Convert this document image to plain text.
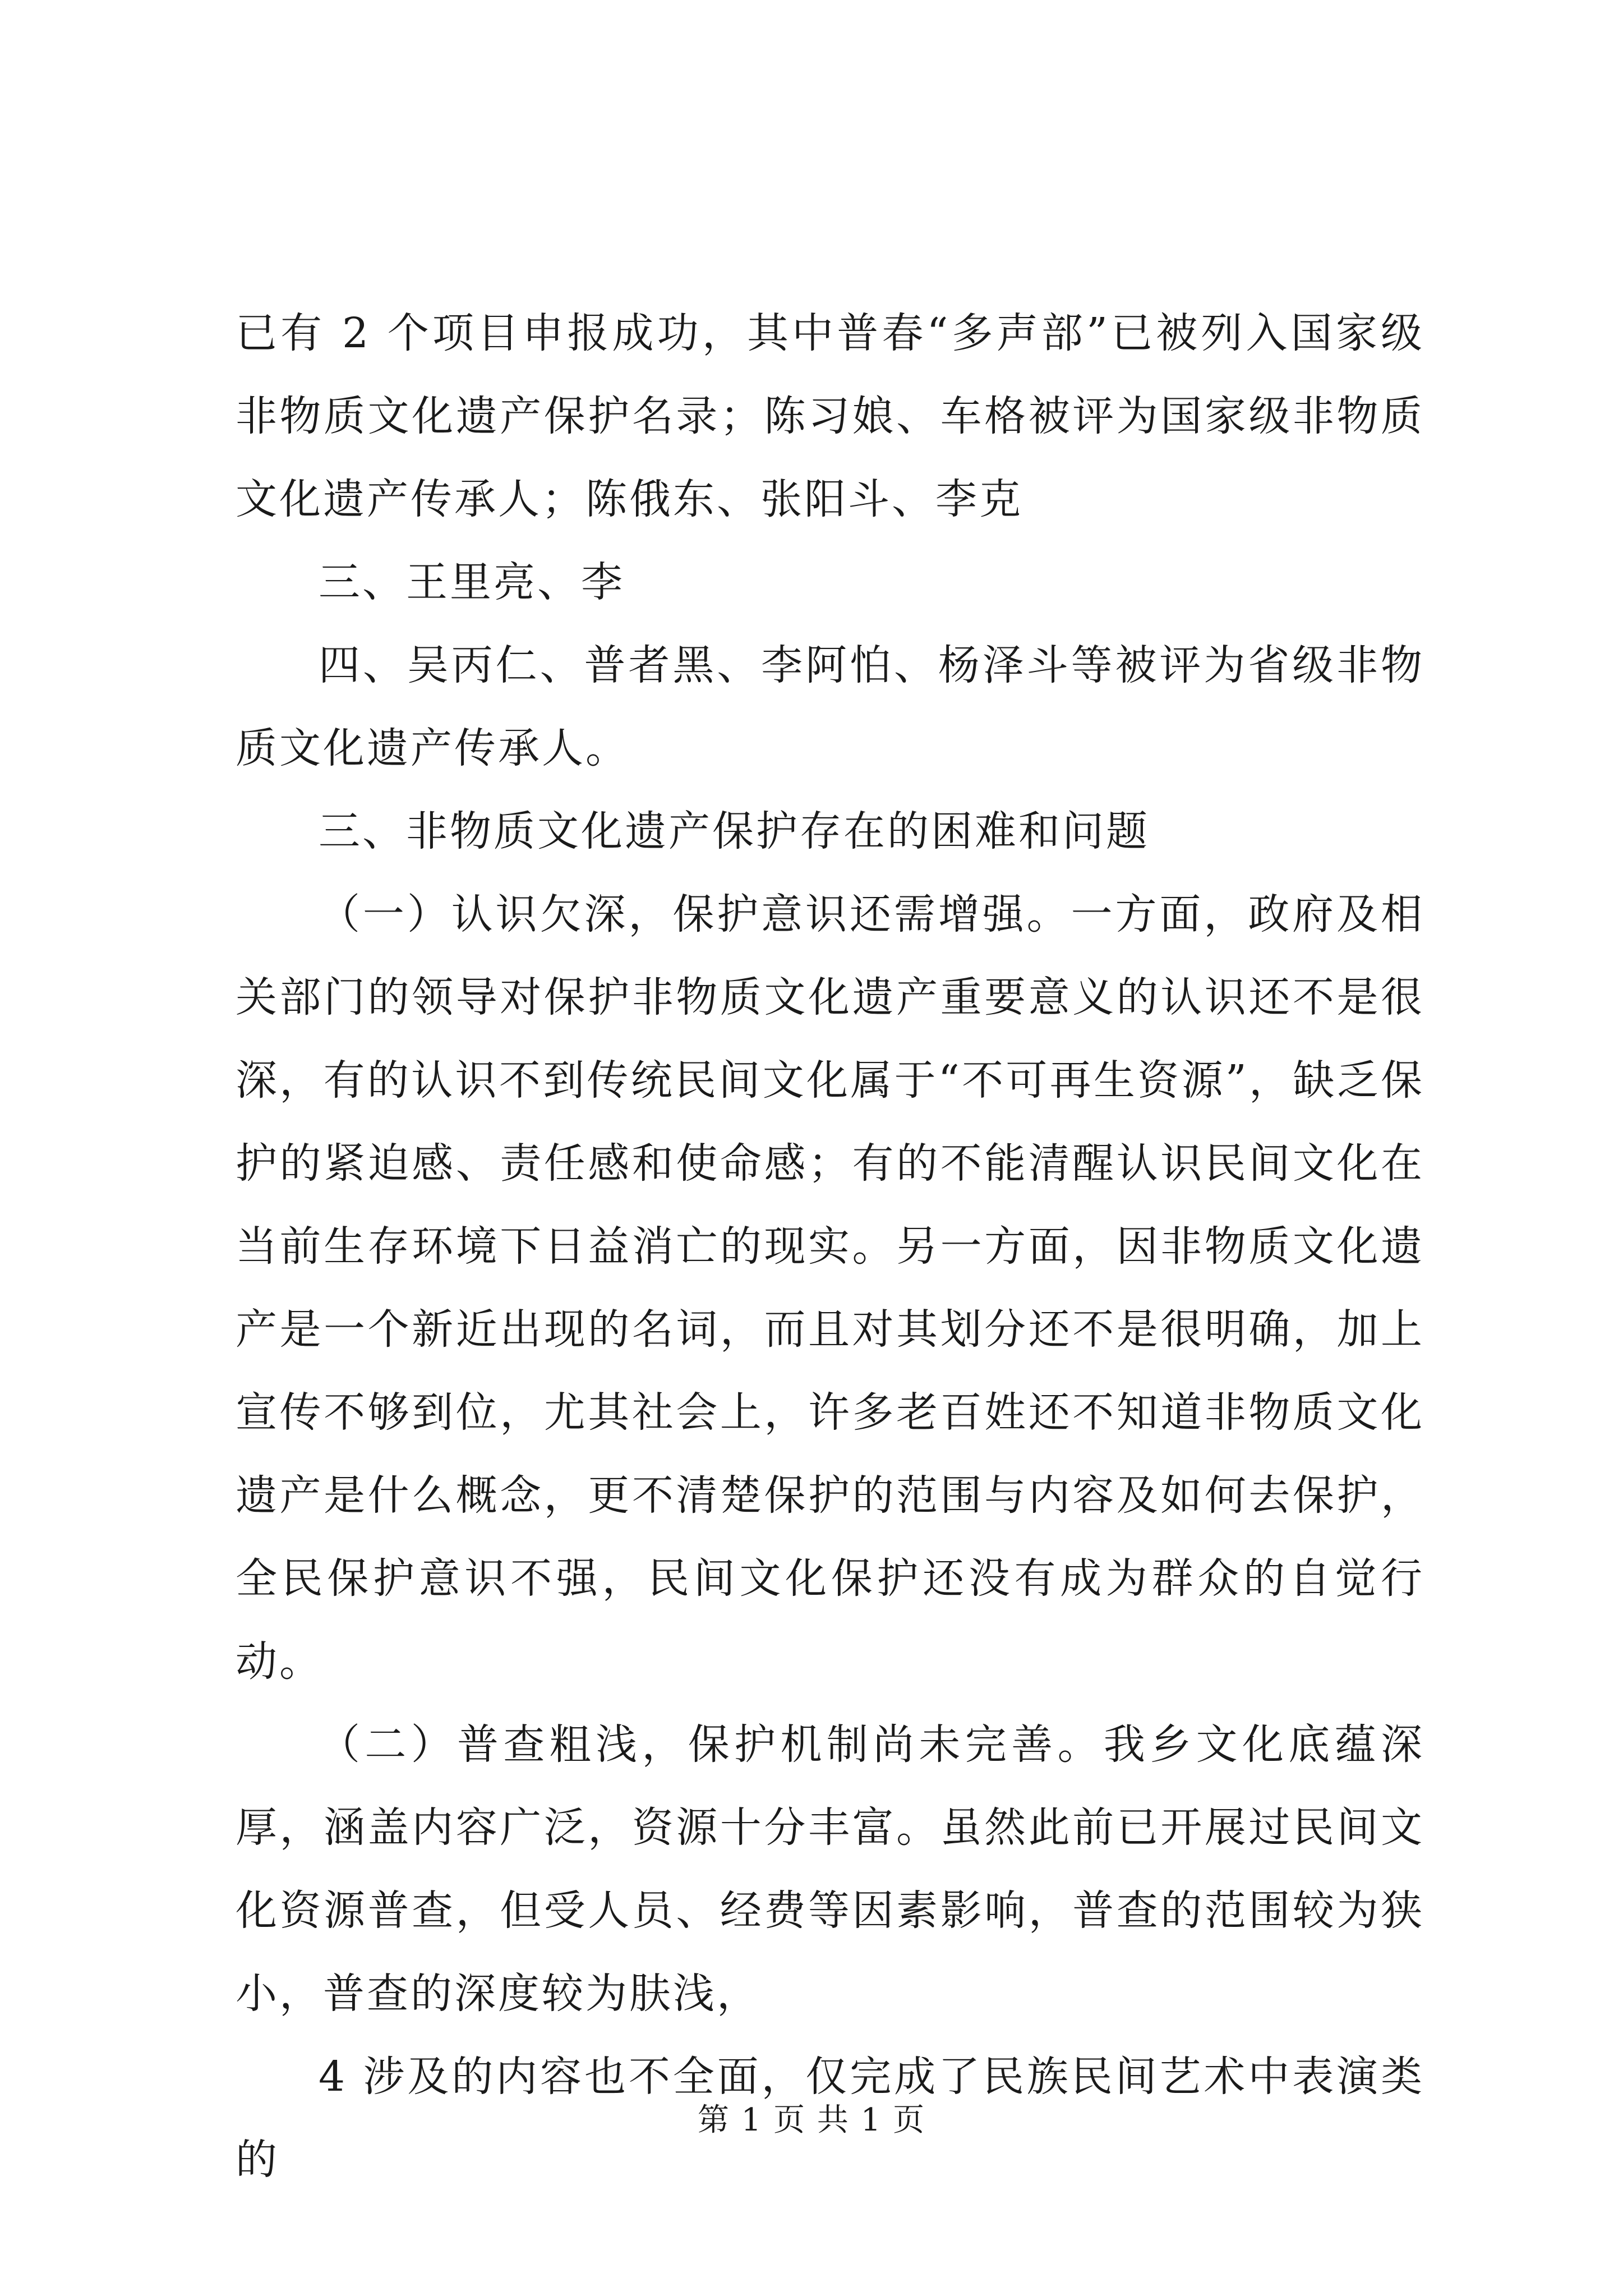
已有 2 个项目申报成功，其中普春“多声部”已被列入国家级非物质文化遗产保护名录；陈习娘、车格被评为国家级非物质文化遗产传承人；陈俄东、张阳斗、李克

三、王里亮、李

四、吴丙仁、普者黑、李阿怕、杨泽斗等被评为省级非物质文化遗产传承人。

三、非物质文化遗产保护存在的困难和问题

（一）认识欠深，保护意识还需增强。一方面，政府及相关部门的领导对保护非物质文化遗产重要意义的认识还不是很深，有的认识不到传统民间文化属于“不可再生资源”，缺乏保护的紧迫感、责任感和使命感；有的不能清醒认识民间文化在当前生存环境下日益消亡的现实。另一方面，因非物质文化遗产是一个新近出现的名词，而且对其划分还不是很明确，加上宣传不够到位，尤其社会上，许多老百姓还不知道非物质文化遗产是什么概念，更不清楚保护的范围与内容及如何去保护，全民保护意识不强，民间文化保护还没有成为群众的自觉行动。

（二）普查粗浅，保护机制尚未完善。我乡文化底蕴深厚，涵盖内容广泛，资源十分丰富。虽然此前已开展过民间文化资源普查，但受人员、经费等因素影响，普查的范围较为狭小，普查的深度较为肤浅，

4 涉及的内容也不全面，仅完成了民族民间艺术中表演类的

第 1 页 共 1 页
